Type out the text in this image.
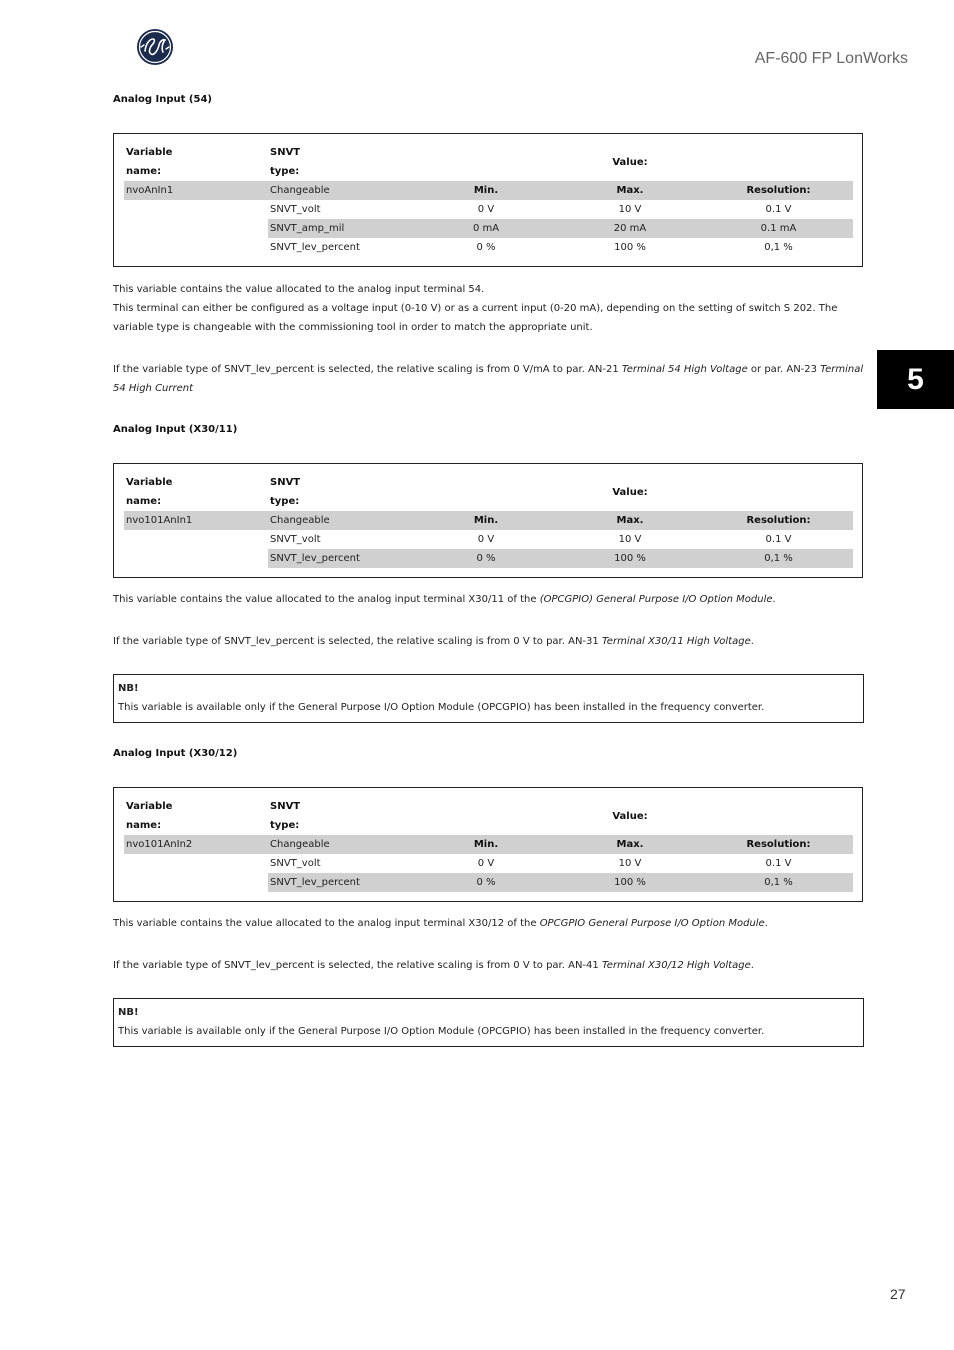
AF-600 FP LonWorks
5
Analog Input (54)
Variable	SNVT		Value:	
name:	type:			
nvoAnIn1	Changeable	Min.	Max.	Resolution:
	SNVT_volt	0 V	10 V	0.1 V
	SNVT_amp_mil	0 mA	20 mA	0.1 mA
	SNVT_lev_percent	0 %	100 %	0,1 %
This variable contains the value allocated to the analog input terminal 54.
This terminal can either be configured as a voltage input (0-10 V) or as a current input (0-20 mA), depending on the setting of switch S 202. The variable type is changeable with the commissioning tool in order to match the appropriate unit.
If the variable type of SNVT_lev_percent is selected, the relative scaling is from 0 V/mA to par. AN-21 Terminal 54 High Voltage or par. AN-23 Terminal 54 High Current
Analog Input (X30/11)
Variable	SNVT		Value:	
name:	type:			
nvo101AnIn1	Changeable	Min.	Max.	Resolution:
	SNVT_volt	0 V	10 V	0.1 V
	SNVT_lev_percent	0 %	100 %	0,1 %
This variable contains the value allocated to the analog input terminal X30/11 of the (OPCGPIO) General Purpose I/O Option Module.
If the variable type of SNVT_lev_percent is selected, the relative scaling is from 0 V to par. AN-31 Terminal X30/11 High Voltage.
NB!
This variable is available only if the General Purpose I/O Option Module (OPCGPIO) has been installed in the frequency converter.
Analog Input (X30/12)
Variable	SNVT		Value:	
name:	type:			
nvo101AnIn2	Changeable	Min.	Max.	Resolution:
	SNVT_volt	0 V	10 V	0.1 V
	SNVT_lev_percent	0 %	100 %	0,1 %
This variable contains the value allocated to the analog input terminal X30/12 of the OPCGPIO General Purpose I/O Option Module.
If the variable type of SNVT_lev_percent is selected, the relative scaling is from 0 V to par. AN-41 Terminal X30/12 High Voltage.
NB!
This variable is available only if the General Purpose I/O Option Module (OPCGPIO) has been installed in the frequency converter.
27
